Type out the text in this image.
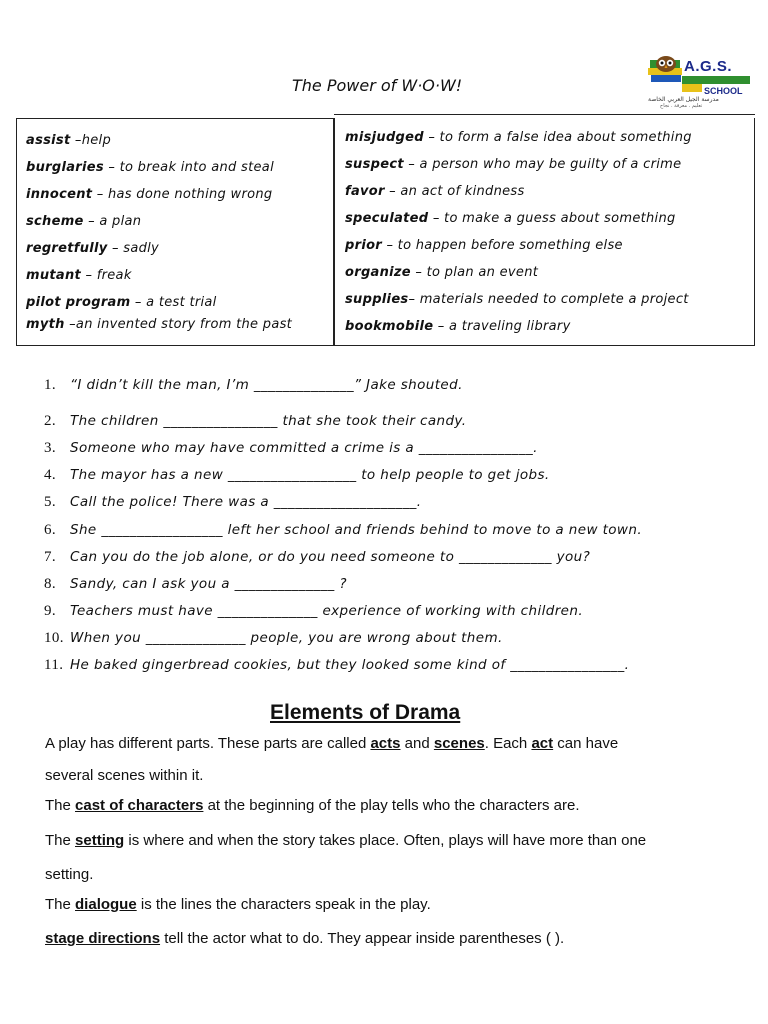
The Power of W·O·W!
A.G.S.
SCHOOL
مدرسة الجيل العربي الخاصة
تعليم . معرفة . نجاح
assist –help
burglaries – to break into and steal
innocent – has done nothing wrong
scheme – a plan
regretfully – sadly
mutant – freak
pilot program – a test trial
myth –an invented story from the past
misjudged – to form a false idea about something
suspect – a person who may be guilty of a crime
favor – an act of kindness
speculated – to make a guess about something
prior – to happen before something else
organize – to plan an event
supplies– materials needed to complete a project
bookmobile – a traveling library
1. “I didn’t kill the man, I’m ______________” Jake shouted.
2. The children ________________ that she took their candy.
3. Someone who may have committed a crime is a ________________.
4. The mayor has a new __________________ to help people to get jobs.
5. Call the police! There was a ____________________.
6. She _________________ left her school and friends behind to move to a new town.
7. Can you do the job alone, or do you need someone to _____________ you?
8. Sandy, can I ask you a ______________ ?
9. Teachers must have ______________ experience of working with children.
10. When you ______________ people, you are wrong about them.
11. He baked gingerbread cookies, but they looked some kind of ________________.
Elements of Drama
A play has different parts. These parts are called acts and scenes. Each act can have
several scenes within it.
The cast of characters at the beginning of the play tells who the characters are.
The setting is where and when the story takes place. Often, plays will have more than one
setting.
The dialogue is the lines the characters speak in the play.
stage directions tell the actor what to do. They appear inside parentheses ( ).
